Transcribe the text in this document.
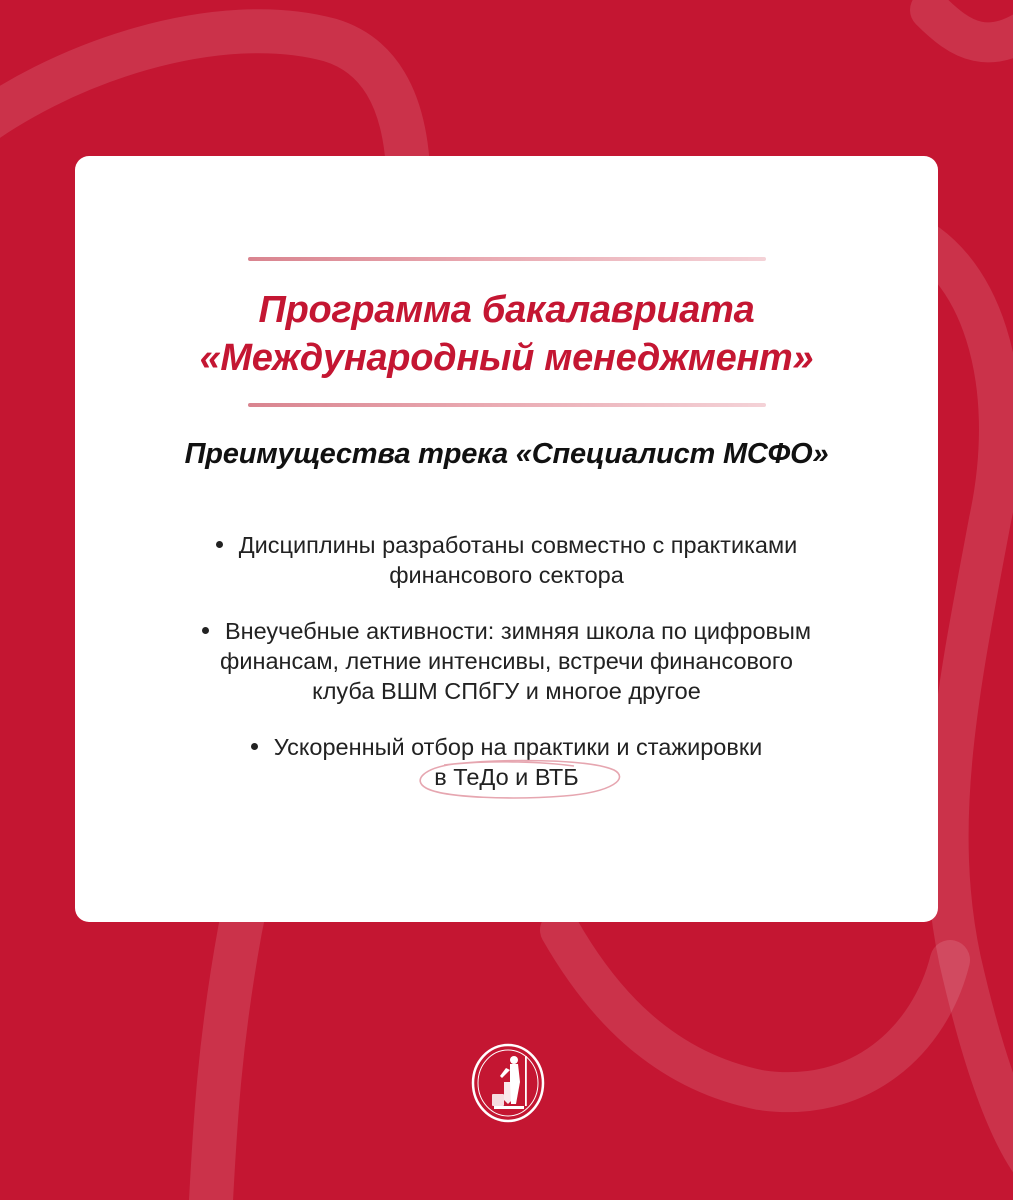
Программа бакалавриата
«Международный менеджмент»
Преимущества трека «Специалист МСФО»
Дисциплины разработаны совместно с практиками
финансового сектора
Внеучебные активности: зимняя школа по цифровым
финансам, летние интенсивы, встречи финансового
клуба ВШМ СПбГУ и многое другое
Ускоренный отбор на практики и стажировки
в ТеДо и ВТБ
